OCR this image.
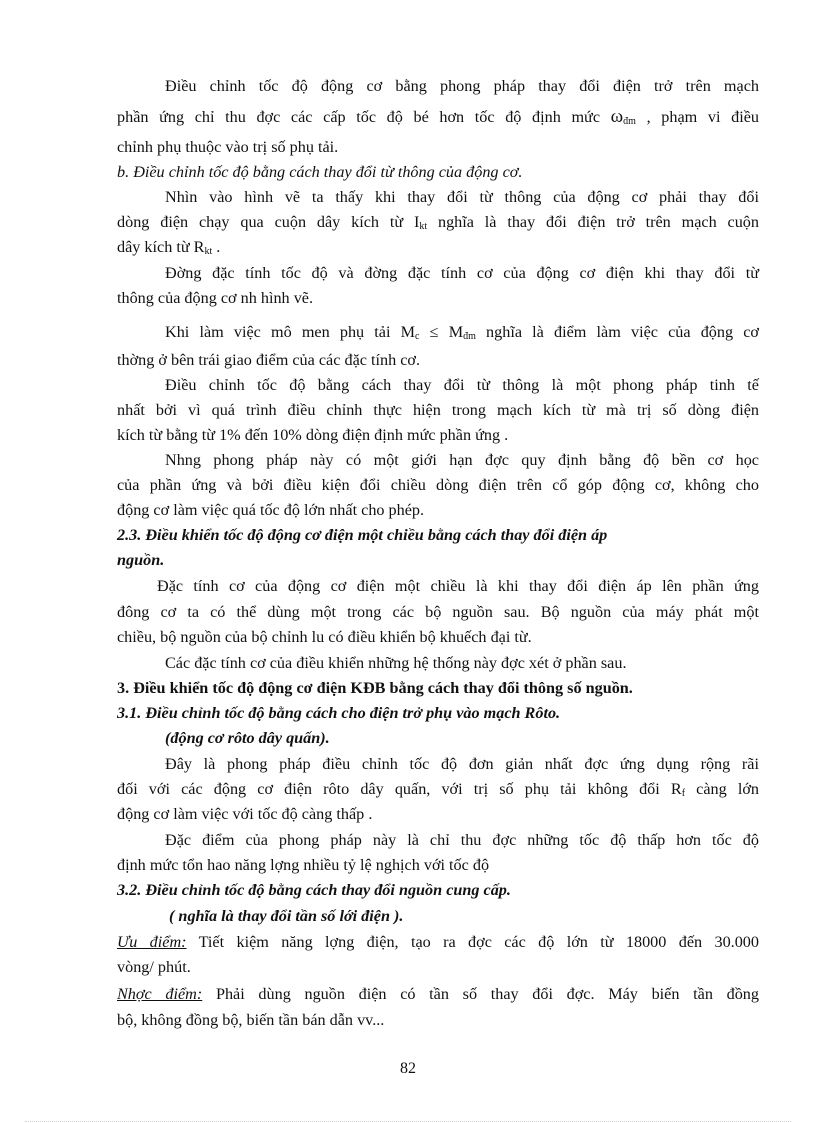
Điều chỉnh tốc độ động cơ bằng phong pháp thay đổi điện trở trên mạch
phần ứng chỉ thu đợc các cấp tốc độ bé hơn tốc độ định mức $\omega_{đm}$ , phạm vi điều
chỉnh phụ thuộc vào trị số phụ tải.
b. Điều chỉnh tốc độ bằng cách thay đổi từ thông của động cơ.
Nhìn vào hình vẽ ta thấy khi thay đổi từ thông của động cơ phải thay đổi
dòng điện chạy qua cuộn dây kích từ $I_{kt}$ nghĩa là thay đổi điện trở trên mạch cuộn
dây kích từ $R_{kt}$ .
Đờng đặc tính tốc độ và đờng đặc tính cơ của động cơ điện khi thay đổi từ
thông của động cơ nh hình vẽ.
Khi làm việc mô men phụ tải $M_c \le M_{đm}$ nghĩa là điểm làm việc của động cơ
thờng ở bên trái giao điểm của các đặc tính cơ.
Điều chỉnh tốc độ bằng cách thay đổi từ thông là một phong pháp tinh tế
nhất bởi vì quá trình điều chỉnh thực hiện trong mạch kích từ mà trị số dòng điện
kích từ bằng từ 1% đến 10% dòng điện định mức phần ứng .
Nhng phong pháp này có một giới hạn đợc quy định bằng độ bền cơ học
của phần ứng và bởi điều kiện đổi chiều dòng điện trên cổ góp động cơ, không cho
động cơ làm việc quá tốc độ lớn nhất cho phép.
2.3. Điều khiển tốc độ động cơ điện một chiều bằng cách thay đổi điện áp
nguồn.
Đặc tính cơ của động cơ điện một chiều là khi thay đổi điện áp lên phần ứng
đông cơ ta có thể dùng một trong các bộ nguồn sau. Bộ nguồn của máy phát một
chiều, bộ nguồn của bộ chỉnh lu có điều khiển bộ khuếch đại từ.
Các đặc tính cơ của điều khiển những hệ thống này đợc xét ở phần sau.
3. Điều khiển tốc độ động cơ điện KĐB bằng cách thay đổi thông số nguồn.
3.1. Điều chỉnh tốc độ bằng cách cho điện trở phụ vào mạch Rôto.
(động cơ rôto dây quấn).
Đây là phong pháp điều chỉnh tốc độ đơn giản nhất đợc ứng dụng rộng rãi
đối với các động cơ điện rôto dây quấn, với trị số phụ tải không đổi $R_f$ càng lớn
động cơ làm việc với tốc độ càng thấp .
Đặc điểm của phong pháp này là chỉ thu đợc những tốc độ thấp hơn tốc độ
định mức tổn hao năng lợng nhiều tỷ lệ nghịch với tốc độ
3.2. Điều chỉnh tốc độ bằng cách thay đổi nguồn cung cấp.
( nghĩa là thay đổi tần số lới điện ).
Ưu điểm: Tiết kiệm năng lợng điện, tạo ra đợc các độ lớn từ 18000 đến 30.000
vòng/ phút.
Nhợc điểm: Phải dùng nguồn điện có tần số thay đổi đợc. Máy biến tần đồng
bộ, không đồng bộ, biến tần bán dẫn vv...
82
